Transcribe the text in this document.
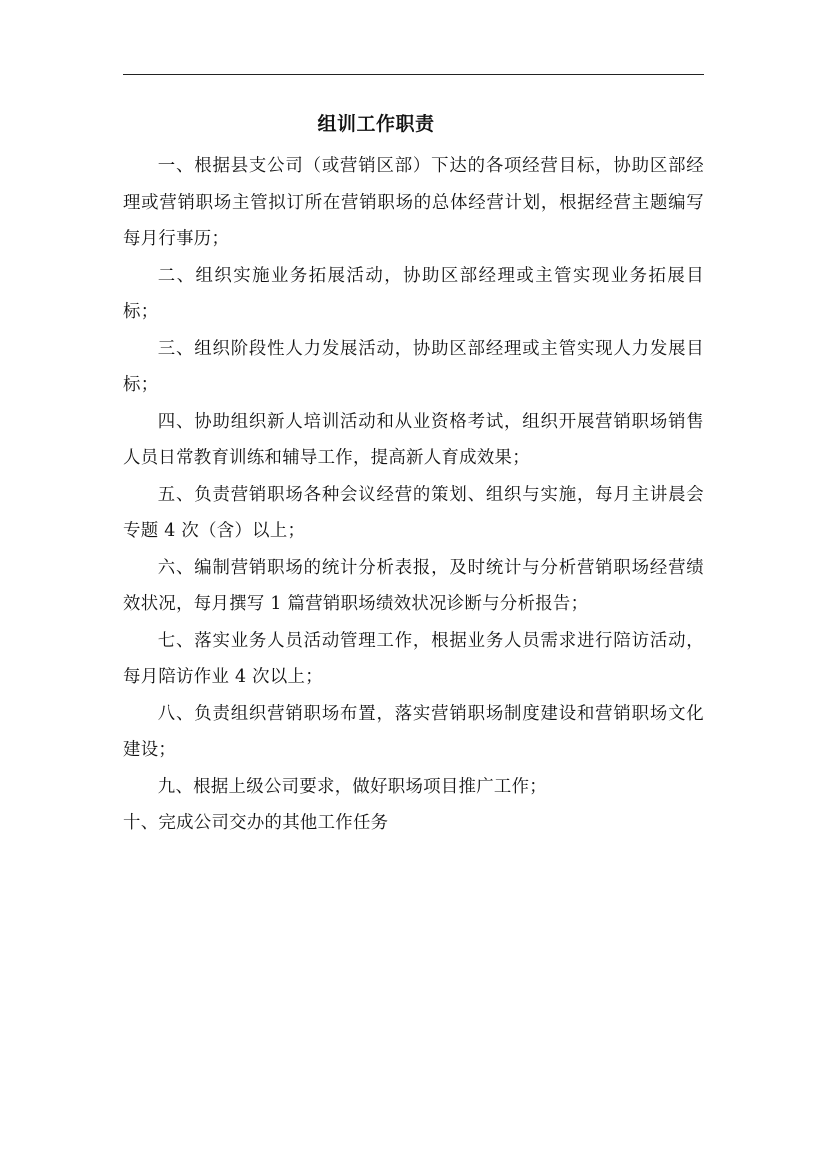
组训工作职责

一、根据县支公司（或营销区部）下达的各项经营目标，协助区部经理或营销职场主管拟订所在营销职场的总体经营计划，根据经营主题编写每月行事历；

二、组织实施业务拓展活动，协助区部经理或主管实现业务拓展目标；

三、组织阶段性人力发展活动，协助区部经理或主管实现人力发展目标；

四、协助组织新人培训活动和从业资格考试，组织开展营销职场销售人员日常教育训练和辅导工作，提高新人育成效果；

五、负责营销职场各种会议经营的策划、组织与实施，每月主讲晨会专题 4 次（含）以上；

六、编制营销职场的统计分析表报，及时统计与分析营销职场经营绩效状况，每月撰写 1 篇营销职场绩效状况诊断与分析报告；

七、落实业务人员活动管理工作，根据业务人员需求进行陪访活动，每月陪访作业 4 次以上；

八、负责组织营销职场布置，落实营销职场制度建设和营销职场文化建设；

九、根据上级公司要求，做好职场项目推广工作；

十、完成公司交办的其他工作任务
